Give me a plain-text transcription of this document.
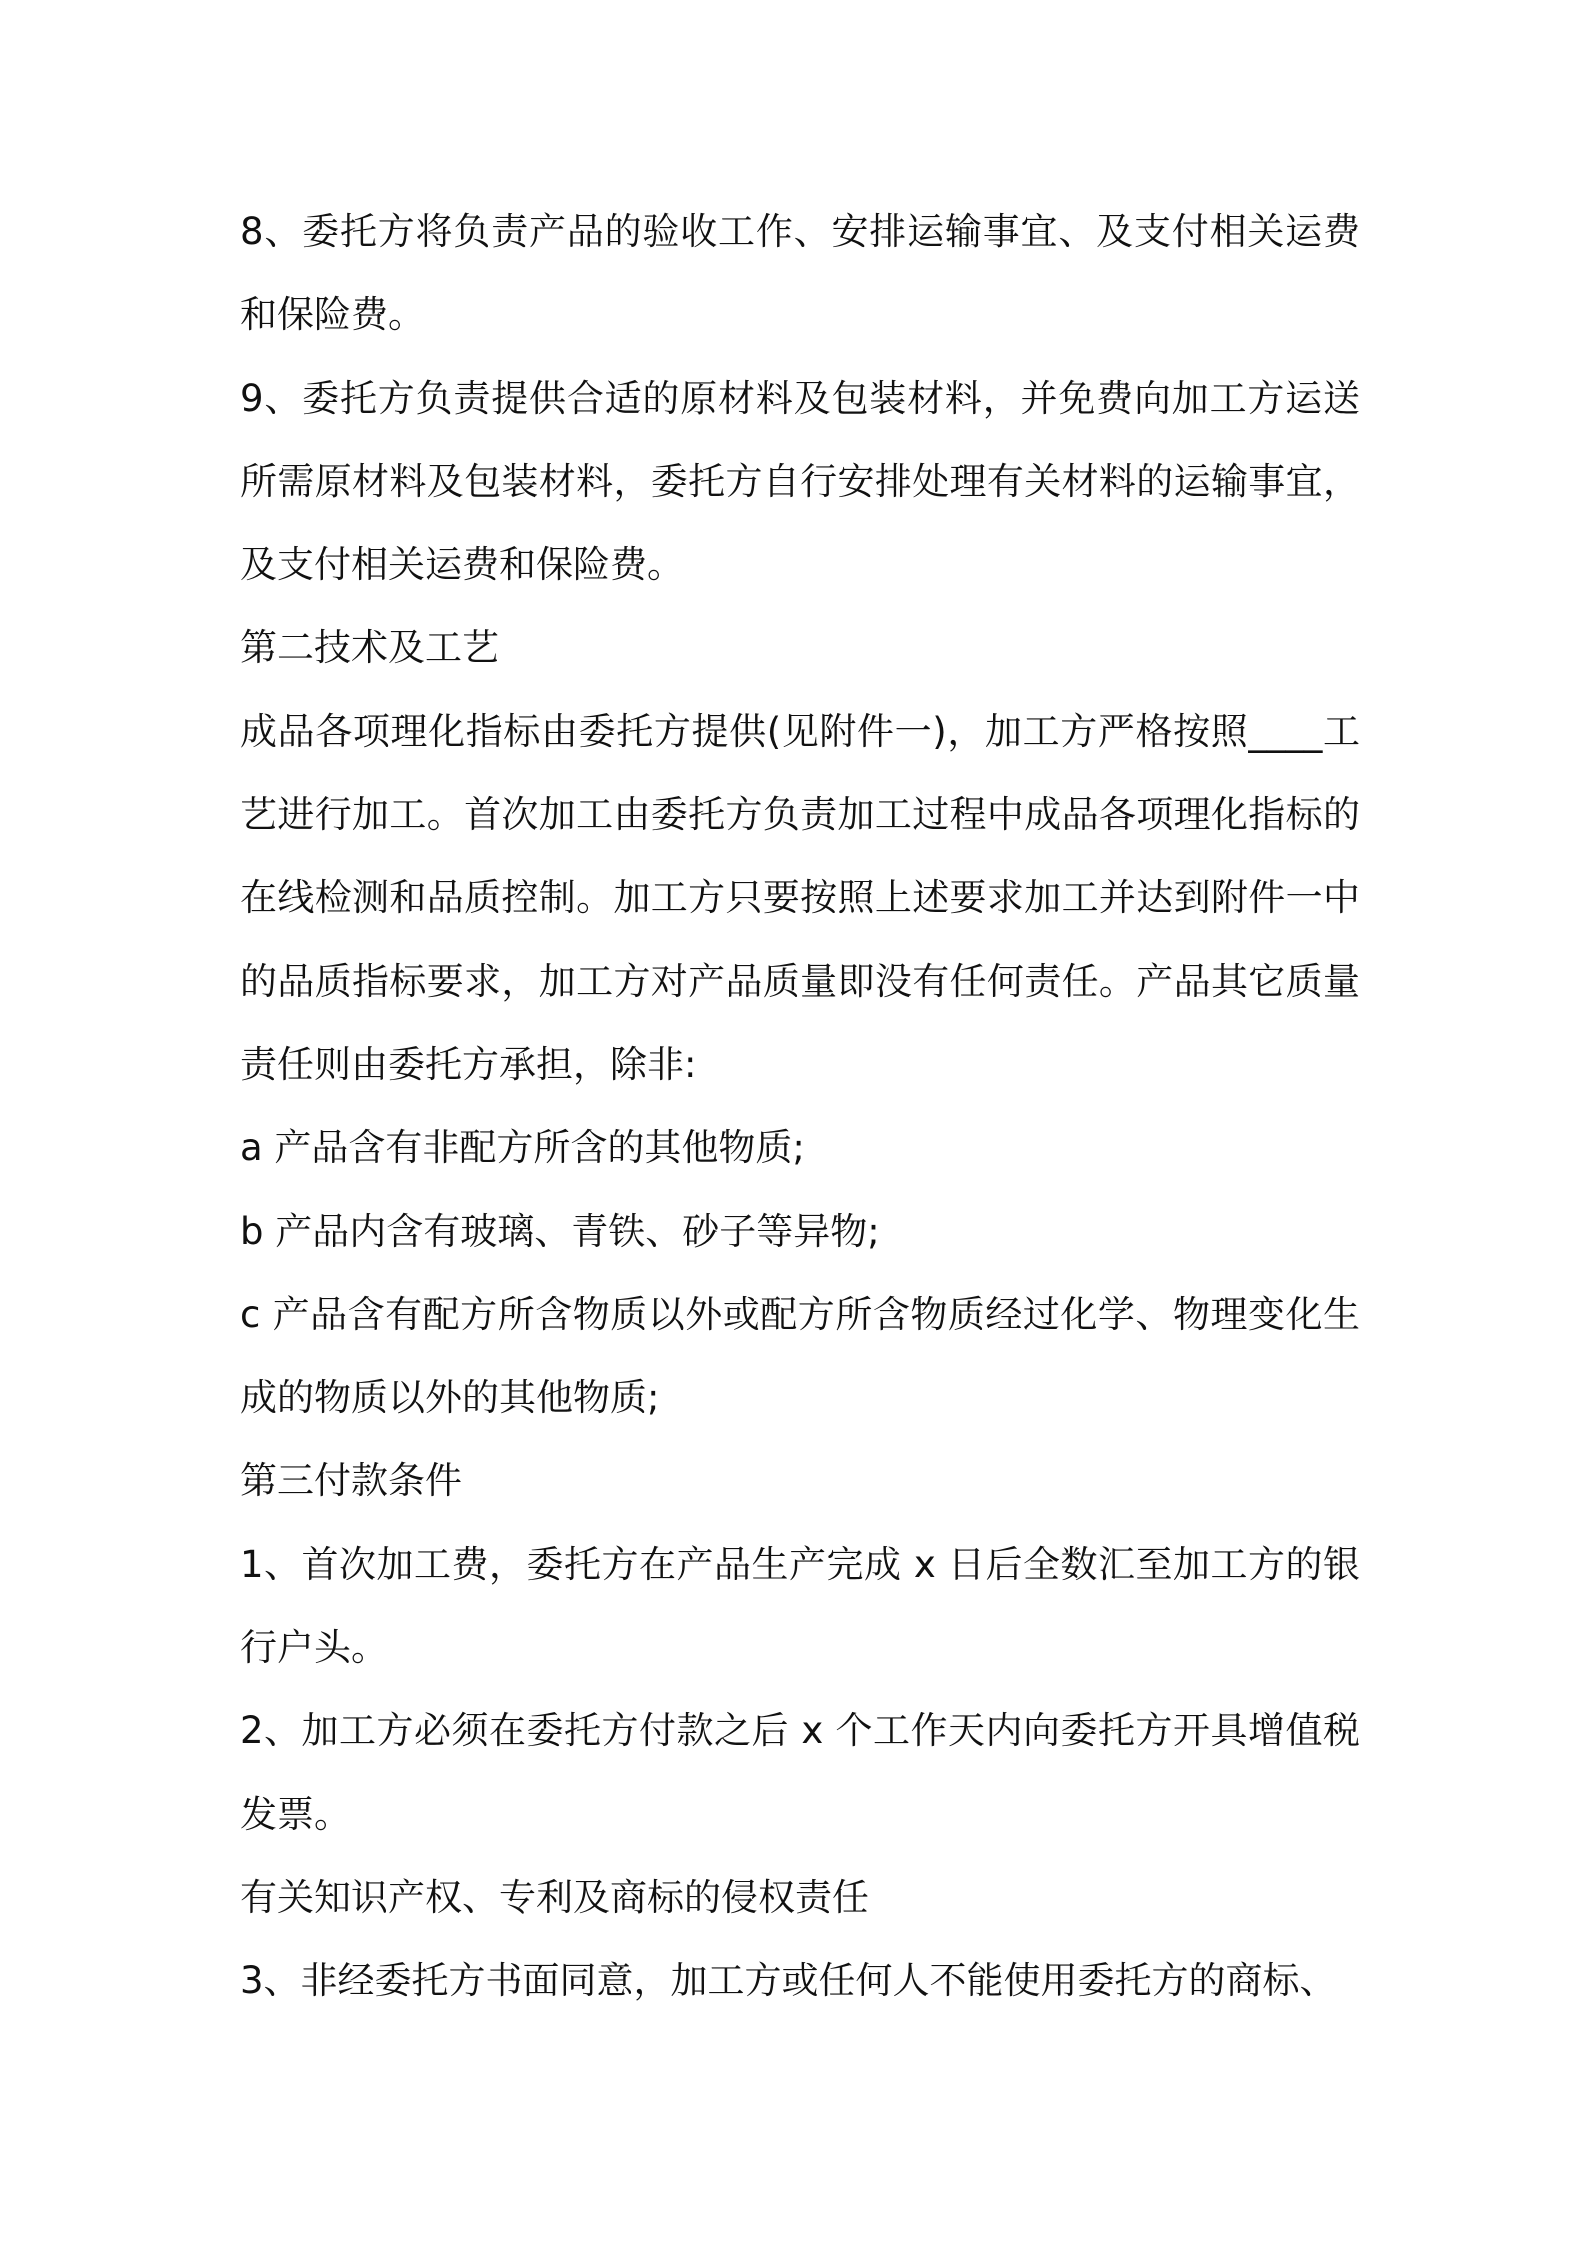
8、委托方将负责产品的验收工作、安排运输事宜、及支付相关运费和保险费。

9、委托方负责提供合适的原材料及包装材料，并免费向加工方运送所需原材料及包装材料，委托方自行安排处理有关材料的运输事宜，及支付相关运费和保险费。

第二技术及工艺

成品各项理化指标由委托方提供(见附件一)，加工方严格按照____工艺进行加工。首次加工由委托方负责加工过程中成品各项理化指标的在线检测和品质控制。加工方只要按照上述要求加工并达到附件一中的品质指标要求，加工方对产品质量即没有任何责任。产品其它质量责任则由委托方承担，除非:

a 产品含有非配方所含的其他物质;

b 产品内含有玻璃、青铁、砂子等异物;

c 产品含有配方所含物质以外或配方所含物质经过化学、物理变化生成的物质以外的其他物质;

第三付款条件

1、首次加工费，委托方在产品生产完成 x 日后全数汇至加工方的银行户头。

2、加工方必须在委托方付款之后 x 个工作天内向委托方开具增值税发票。

有关知识产权、专利及商标的侵权责任

3、非经委托方书面同意，加工方或任何人不能使用委托方的商标、
